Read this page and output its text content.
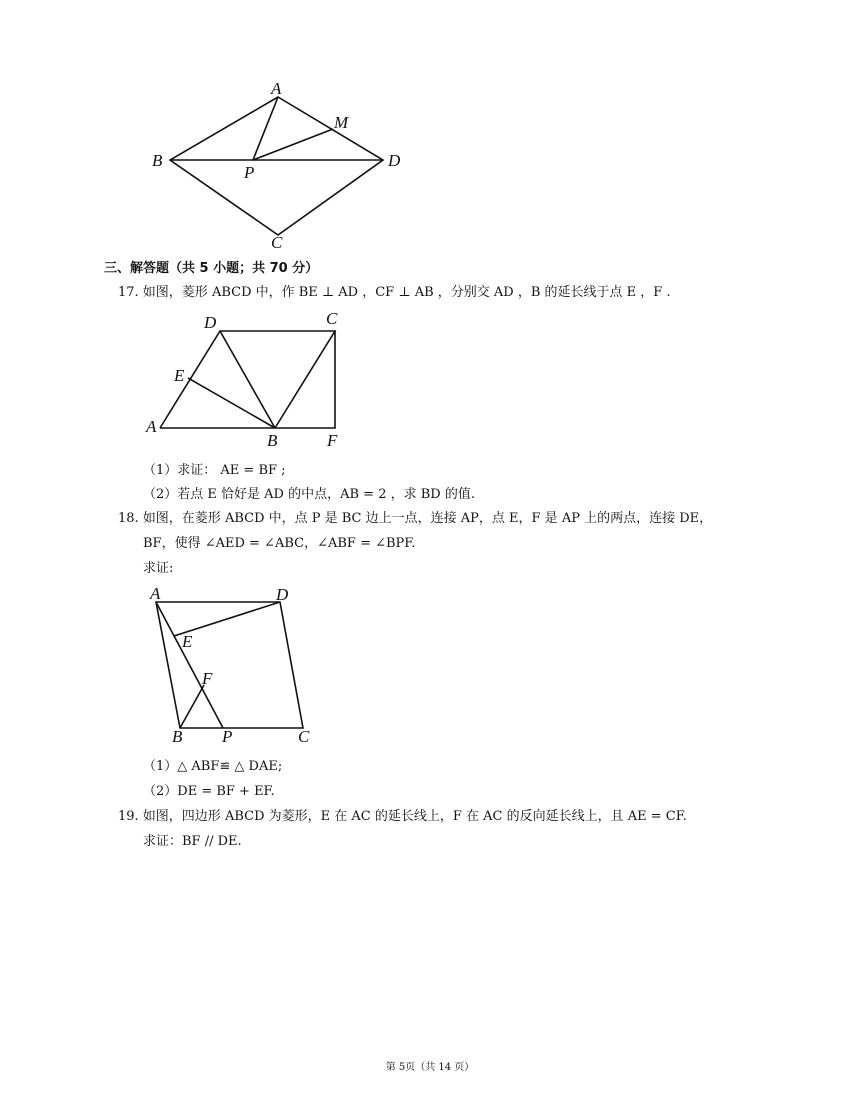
A
B
C
D
M
P
三、解答题（共 5 小题；共 70 分）
17. 如图，菱形 ABCD 中，作 BE ⊥ AD ，CF ⊥ AB ，分别交 AD ，B 的延长线于点 E ，F .
D	C
E
A
B	F
（1）求证： AE = BF ;
（2）若点 E 恰好是 AD 的中点，AB = 2 ，求 BD 的值.
18. 如图，在菱形 ABCD 中，点 P 是 BC 边上一点，连接 AP，点 E，F 是 AP 上的两点，连接 DE，
BF，使得 ∠AED = ∠ABC，∠ABF = ∠BPF.
求证:
A	D
E
F
B P	C
（1）△ ABF≌ △ DAE;
（2）DE = BF + EF.
19. 如图，四边形 ABCD 为菱形，E 在 AC 的延长线上，F 在 AC 的反向延长线上，且 AE = CF.
求证：BF // DE.
第 5页（共 14 页）
